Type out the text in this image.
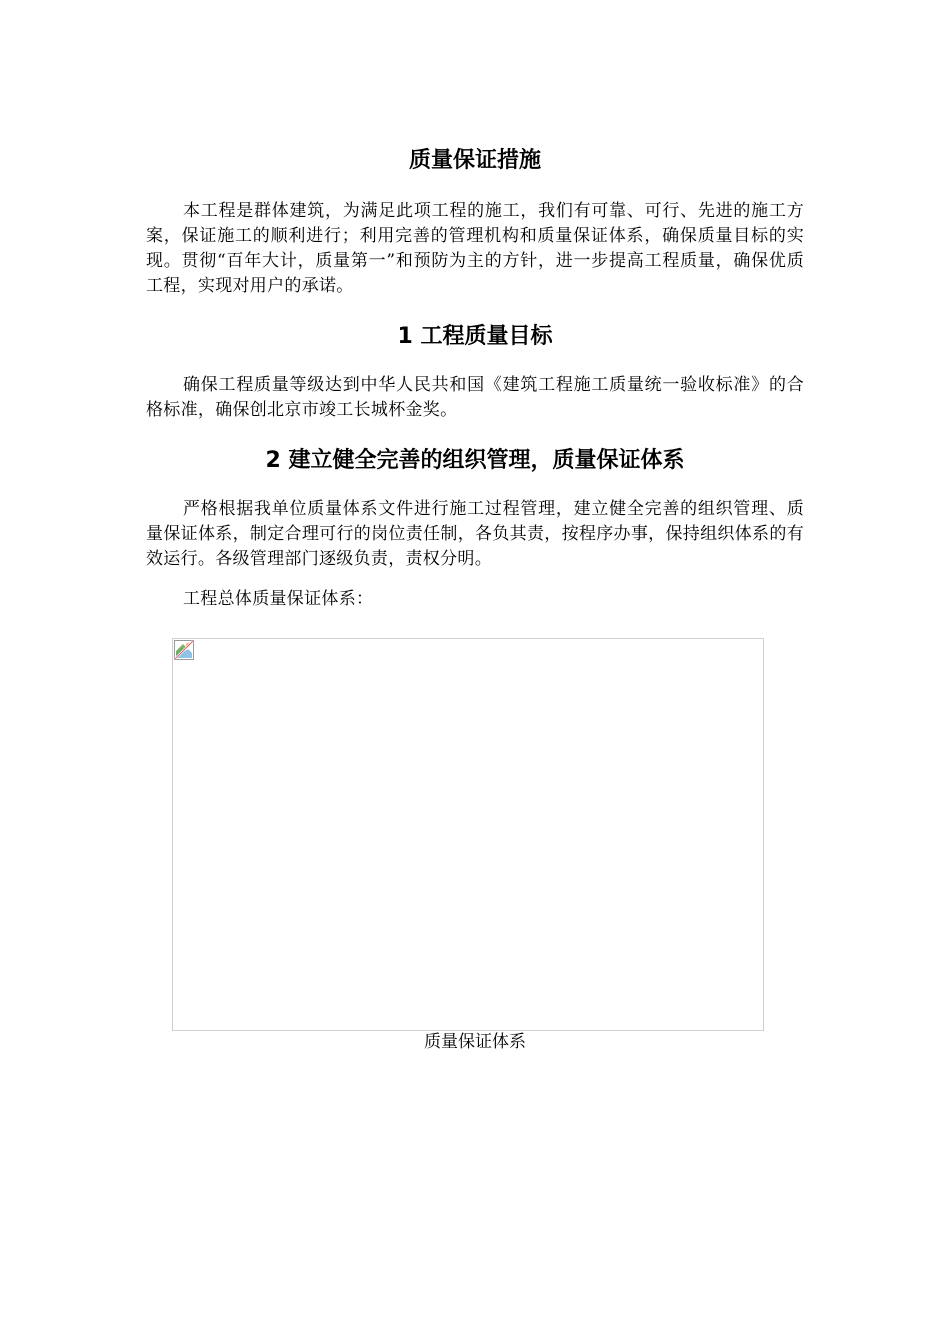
质量保证措施

本工程是群体建筑，为满足此项工程的施工，我们有可靠、可行、先进的施工方案，保证施工的顺利进行；利用完善的管理机构和质量保证体系，确保质量目标的实现。贯彻“百年大计，质量第一”和预防为主的方针，进一步提高工程质量，确保优质工程，实现对用户的承诺。

1 工程质量目标

确保工程质量等级达到中华人民共和国《建筑工程施工质量统一验收标准》的合格标准，确保创北京市竣工长城杯金奖。

2 建立健全完善的组织管理，质量保证体系

严格根据我单位质量体系文件进行施工过程管理，建立健全完善的组织管理、质量保证体系，制定合理可行的岗位责任制，各负其责，按程序办事，保持组织体系的有效运行。各级管理部门逐级负责，责权分明。

工程总体质量保证体系：

质量保证体系
